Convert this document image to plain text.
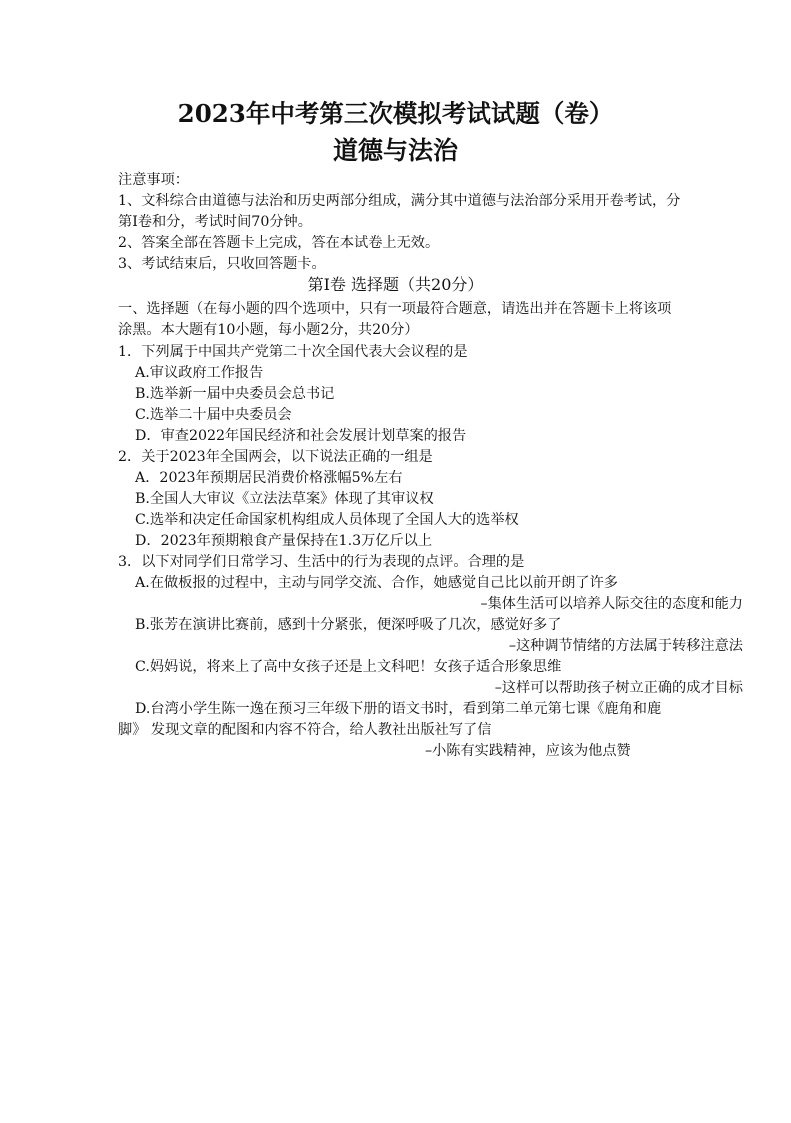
2023年中考第三次模拟考试试题（卷）
道德与法治
注意事项：
1、文科综合由道德与法治和历史两部分组成，满分其中道德与法治部分采用开卷考试，分
第Ⅰ卷和分，考试时间70分钟。
2、答案全部在答题卡上完成，答在本试卷上无效。
3、考试结束后，只收回答题卡。
第Ⅰ卷 选择题（共20分）
一、选择题（在每小题的四个选项中，只有一项最符合题意，请选出并在答题卡上将该项
涂黑。本大题有10小题，每小题2分，共20分）
1．下列属于中国共产党第二十次全国代表大会议程的是
A.审议政府工作报告
B.选举新一届中央委员会总书记
C.选举二十届中央委员会
D．审查2022年国民经济和社会发展计划草案的报告
2．关于2023年全国两会，以下说法正确的一组是
A．2023年预期居民消费价格涨幅5%左右
B.全国人大审议《立法法草案》体现了其审议权
C.选举和决定任命国家机构组成人员体现了全国人大的选举权
D．2023年预期粮食产量保持在1.3万亿斤以上
3．以下对同学们日常学习、生活中的行为表现的点评。合理的是
A.在做板报的过程中，主动与同学交流、合作，她感觉自己比以前开朗了许多
–集体生活可以培养人际交往的态度和能力
B.张芳在演讲比赛前，感到十分紧张，便深呼吸了几次，感觉好多了
–这种调节情绪的方法属于转移注意法
C.妈妈说，将来上了高中女孩子还是上文科吧！女孩子适合形象思维
–这样可以帮助孩子树立正确的成才目标
D.台湾小学生陈一逸在预习三年级下册的语文书时，看到第二单元第七课《鹿角和鹿
脚》 发现文章的配图和内容不符合，给人教社出版社写了信
–小陈有实践精神，应该为他点赞
